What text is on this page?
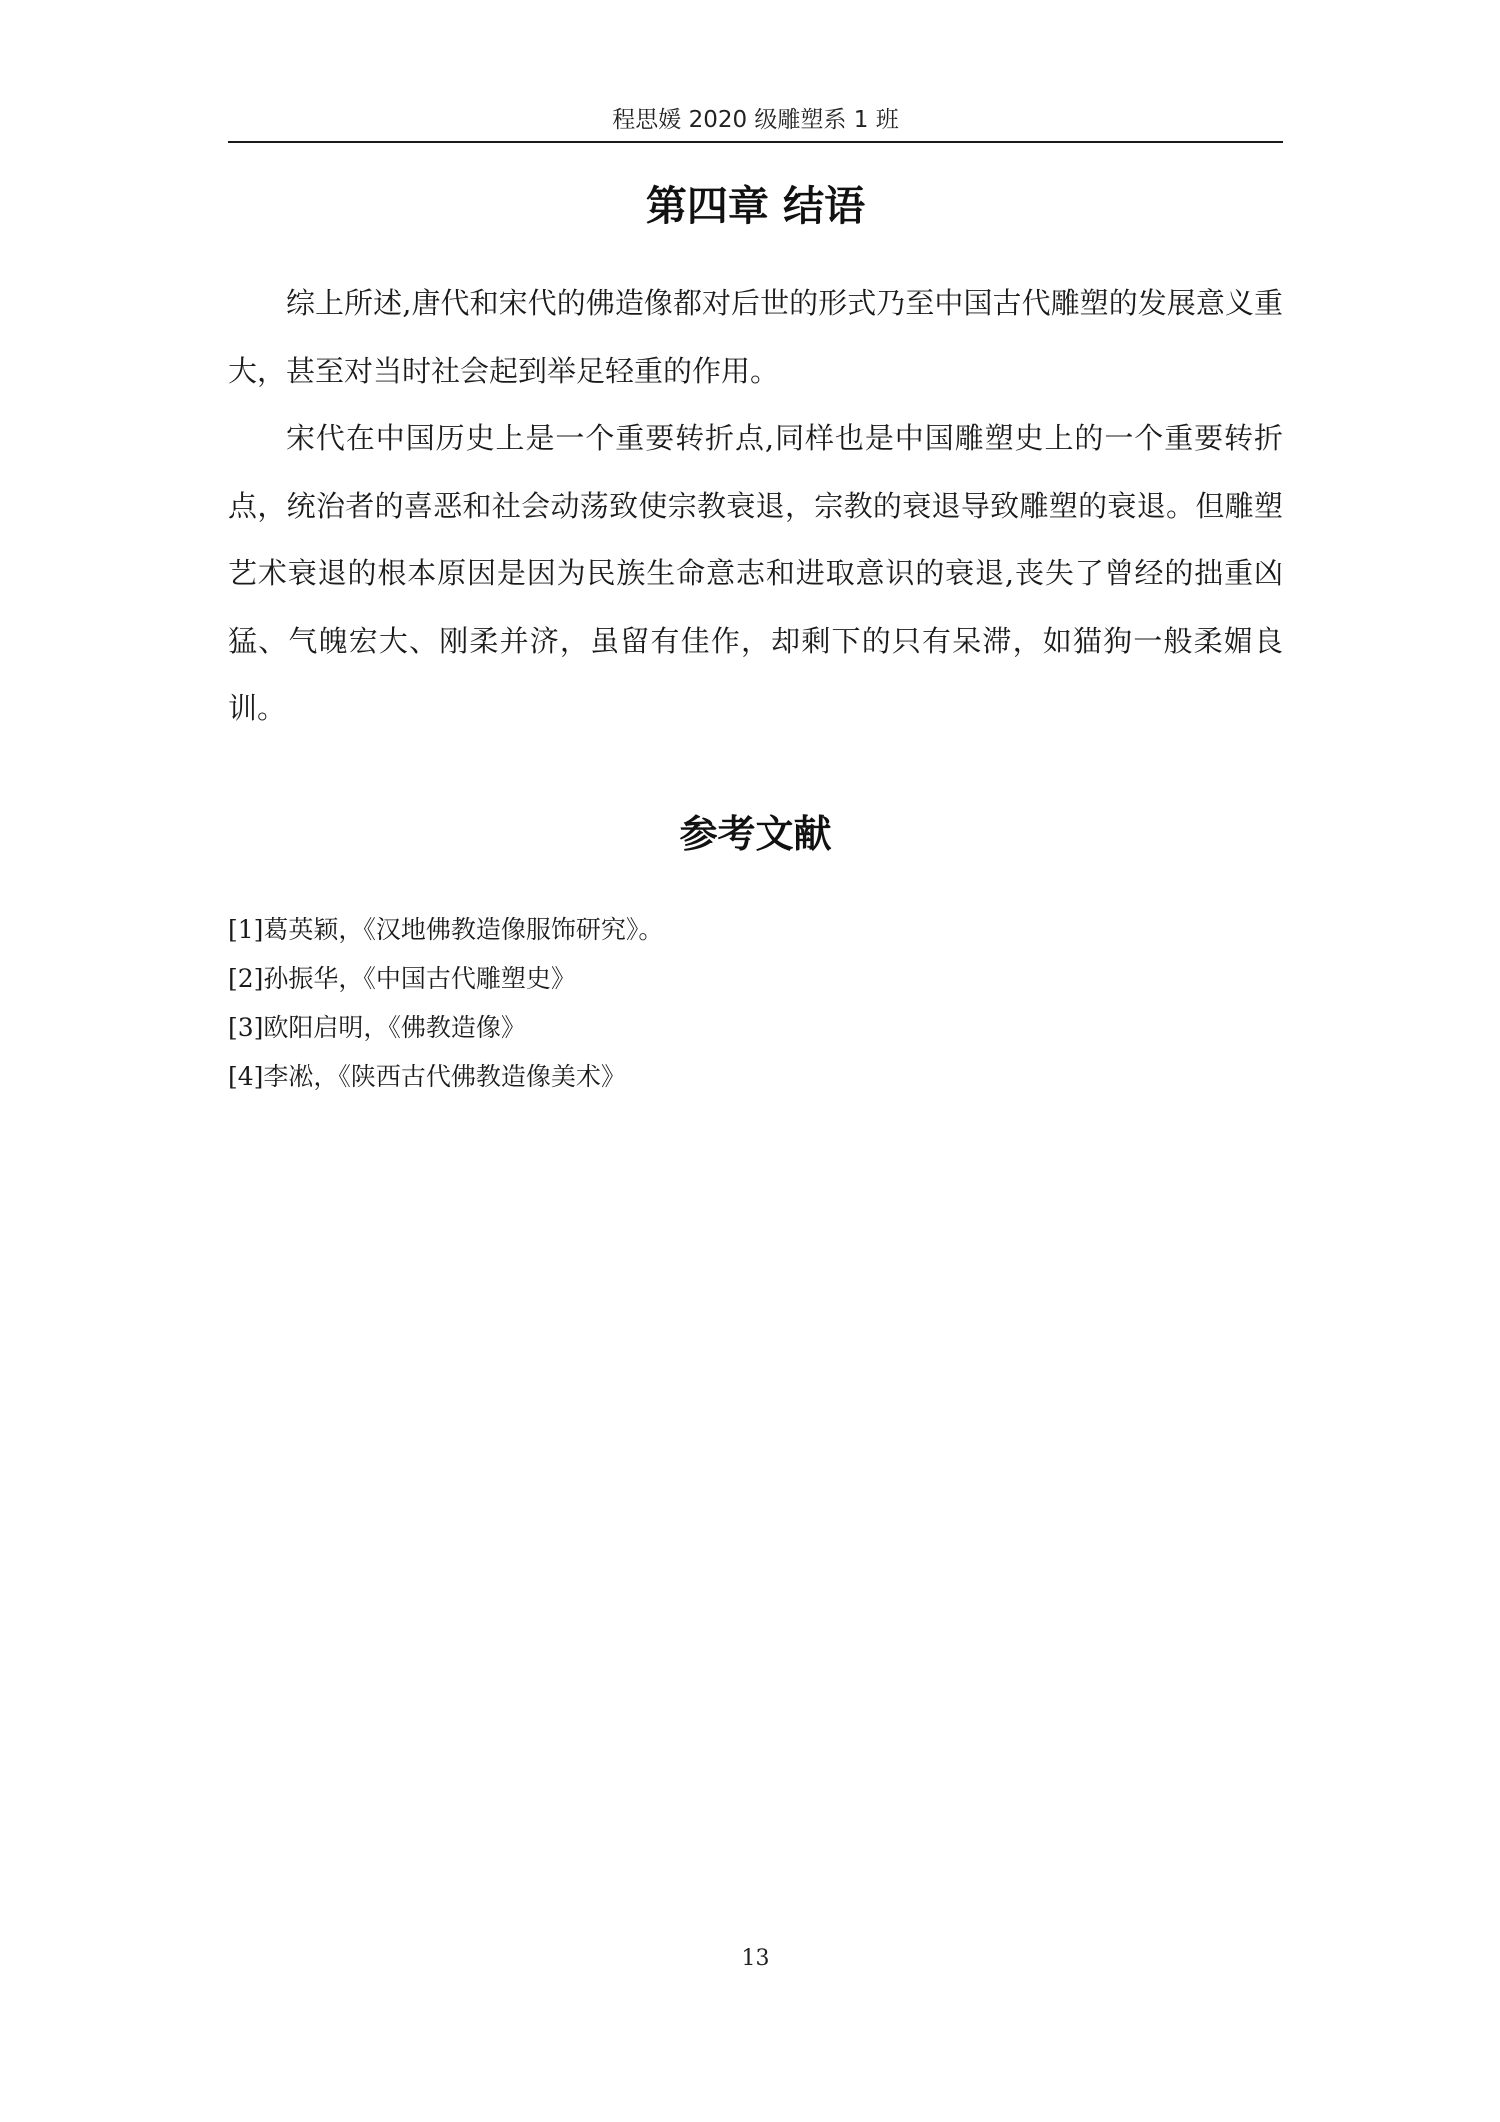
程思媛 2020 级雕塑系 1 班
第四章 结语

综上所述,唐代和宋代的佛造像都对后世的形式乃至中国古代雕塑的发展意义重大，甚至对当时社会起到举足轻重的作用。

宋代在中国历史上是一个重要转折点,同样也是中国雕塑史上的一个重要转折点，统治者的喜恶和社会动荡致使宗教衰退，宗教的衰退导致雕塑的衰退。但雕塑艺术衰退的根本原因是因为民族生命意志和进取意识的衰退,丧失了曾经的拙重凶猛、气魄宏大、刚柔并济，虽留有佳作，却剩下的只有呆滞，如猫狗一般柔媚良训。

参考文献
[1]葛英颖，《汉地佛教造像服饰研究》。
[2]孙振华，《中国古代雕塑史》
[3]欧阳启明，《佛教造像》
[4]李凇，《陕西古代佛教造像美术》
13
